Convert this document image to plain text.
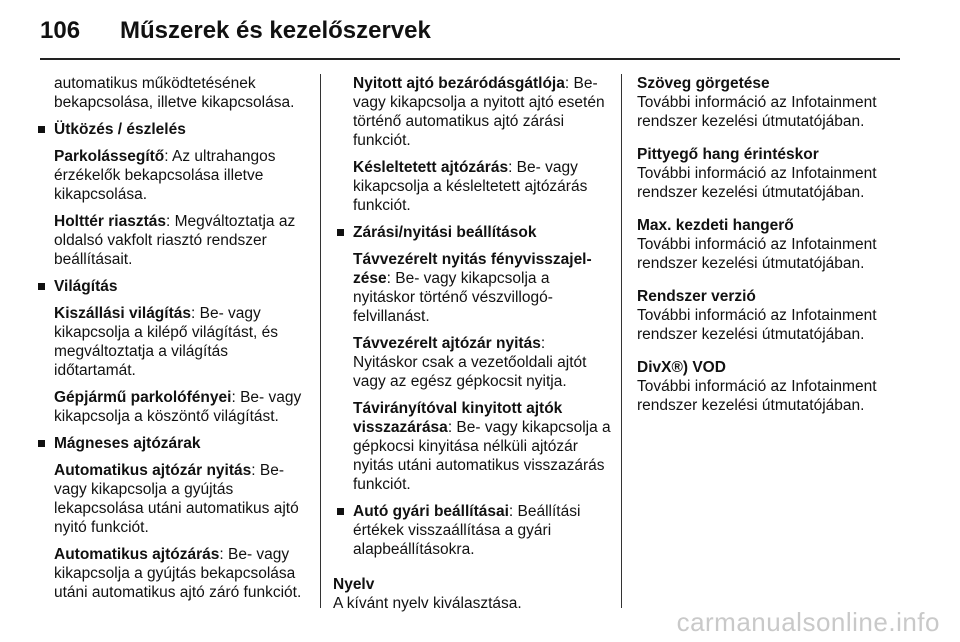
106 Műszerek és kezelőszervek

automatikus működtetésének bekapcsolása, illetve kikapcsolása.

Ütközés / észlelés

Parkolássegítő: Az ultrahangos érzékelők bekapcsolása illetve kikapcsolása.

Holttér riasztás: Megváltoztatja az oldalsó vakfolt riasztó rendszer beállításait.

Világítás

Kiszállási világítás: Be- vagy kikapcsolja a kilépő világítást, és megváltoztatja a világítás időtartamát.

Gépjármű parkolófényei: Be- vagy kikapcsolja a köszöntő világítást.

Mágneses ajtózárak

Automatikus ajtózár nyitás: Be- vagy kikapcsolja a gyújtás lekapcsolása utáni automatikus ajtó nyitó funkciót.

Automatikus ajtózárás: Be- vagy kikapcsolja a gyújtás bekapcsolása utáni automatikus ajtó záró funkciót.

Nyitott ajtó bezáródásgátlója: Be- vagy kikapcsolja a nyitott ajtó esetén történő automatikus ajtó zárási funkciót.

Késleltetett ajtózárás: Be- vagy kikapcsolja a késleltetett ajtózárás funkciót.

Zárási/nyitási beállítások

Távvezérelt nyitás fényvisszajel-zése: Be- vagy kikapcsolja a nyitáskor történő vészvillogó-felvillanást.

Távvezérelt ajtózár nyitás: Nyitáskor csak a vezetőoldali ajtót vagy az egész gépkocsit nyitja.

Távirányítóval kinyitott ajtók visszazárása: Be- vagy kikapcsolja a gépkocsi kinyitása nélküli ajtózár nyitás utáni automatikus visszazárás funkciót.

Autó gyári beállításai: Beállítási értékek visszaállítása a gyári alapbeállításokra.
Nyelv
A kívánt nyelv kiválasztása.
Szöveg görgetése
További információ az Infotainment rendszer kezelési útmutatójában.
Pittyegő hang érintéskor
További információ az Infotainment rendszer kezelési útmutatójában.
Max. kezdeti hangerő
További információ az Infotainment rendszer kezelési útmutatójában.
Rendszer verzió
További információ az Infotainment rendszer kezelési útmutatójában.
DivX®) VOD
További információ az Infotainment rendszer kezelési útmutatójában.
carmanualsonline.info
